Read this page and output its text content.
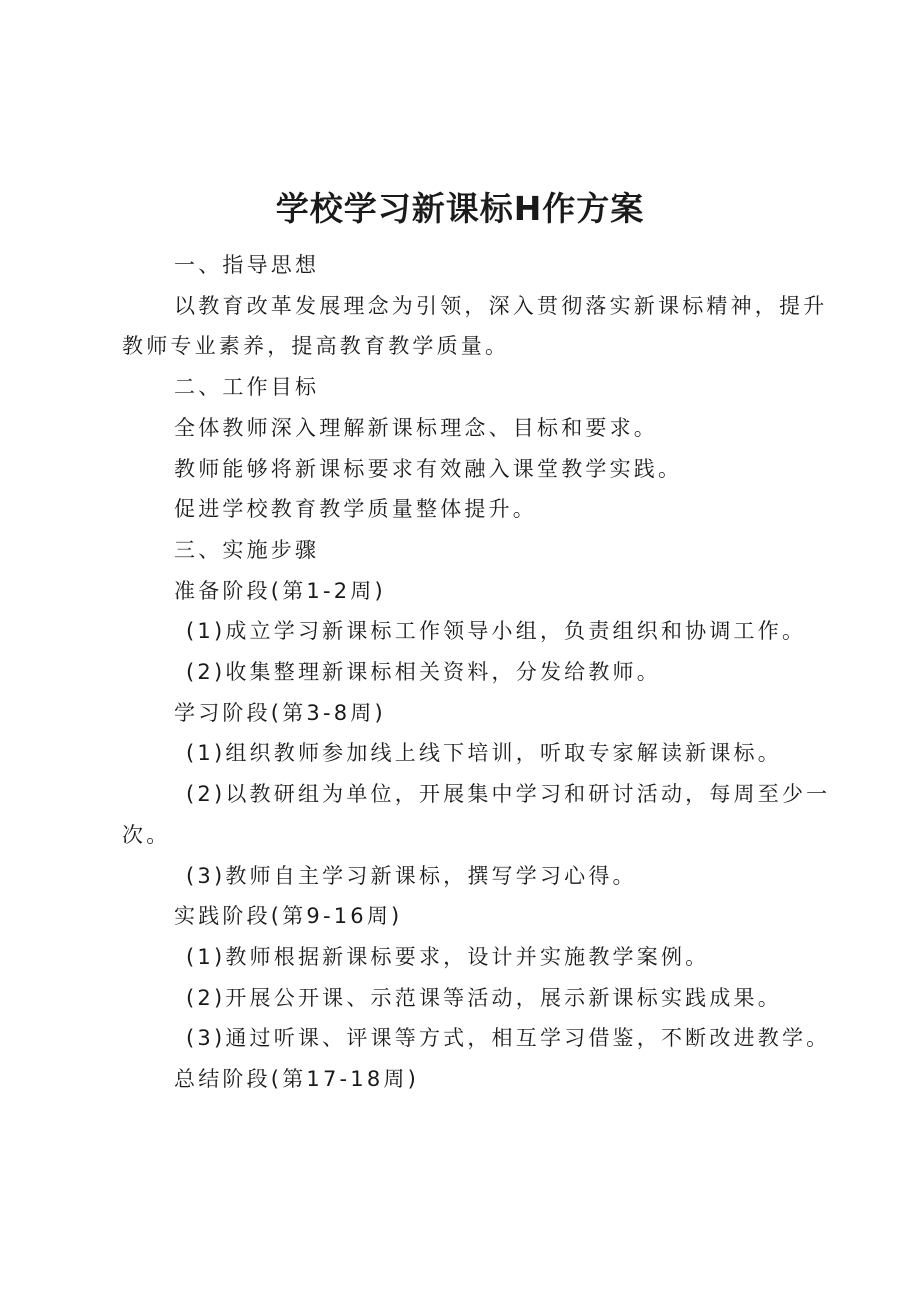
学校学习新课标H作方案
一、指导思想
以教育改革发展理念为引领，深入贯彻落实新课标精神，提升
教师专业素养，提高教育教学质量。
二、工作目标
全体教师深入理解新课标理念、目标和要求。
教师能够将新课标要求有效融入课堂教学实践。
促进学校教育教学质量整体提升。
三、实施步骤
准备阶段(第1-2周)
(1)成立学习新课标工作领导小组，负责组织和协调工作。
(2)收集整理新课标相关资料，分发给教师。
学习阶段(第3-8周)
(1)组织教师参加线上线下培训，听取专家解读新课标。
(2)以教研组为单位，开展集中学习和研讨活动，每周至少一
次。
(3)教师自主学习新课标，撰写学习心得。
实践阶段(第9-16周)
(1)教师根据新课标要求，设计并实施教学案例。
(2)开展公开课、示范课等活动，展示新课标实践成果。
(3)通过听课、评课等方式，相互学习借鉴，不断改进教学。
总结阶段(第17-18周)
